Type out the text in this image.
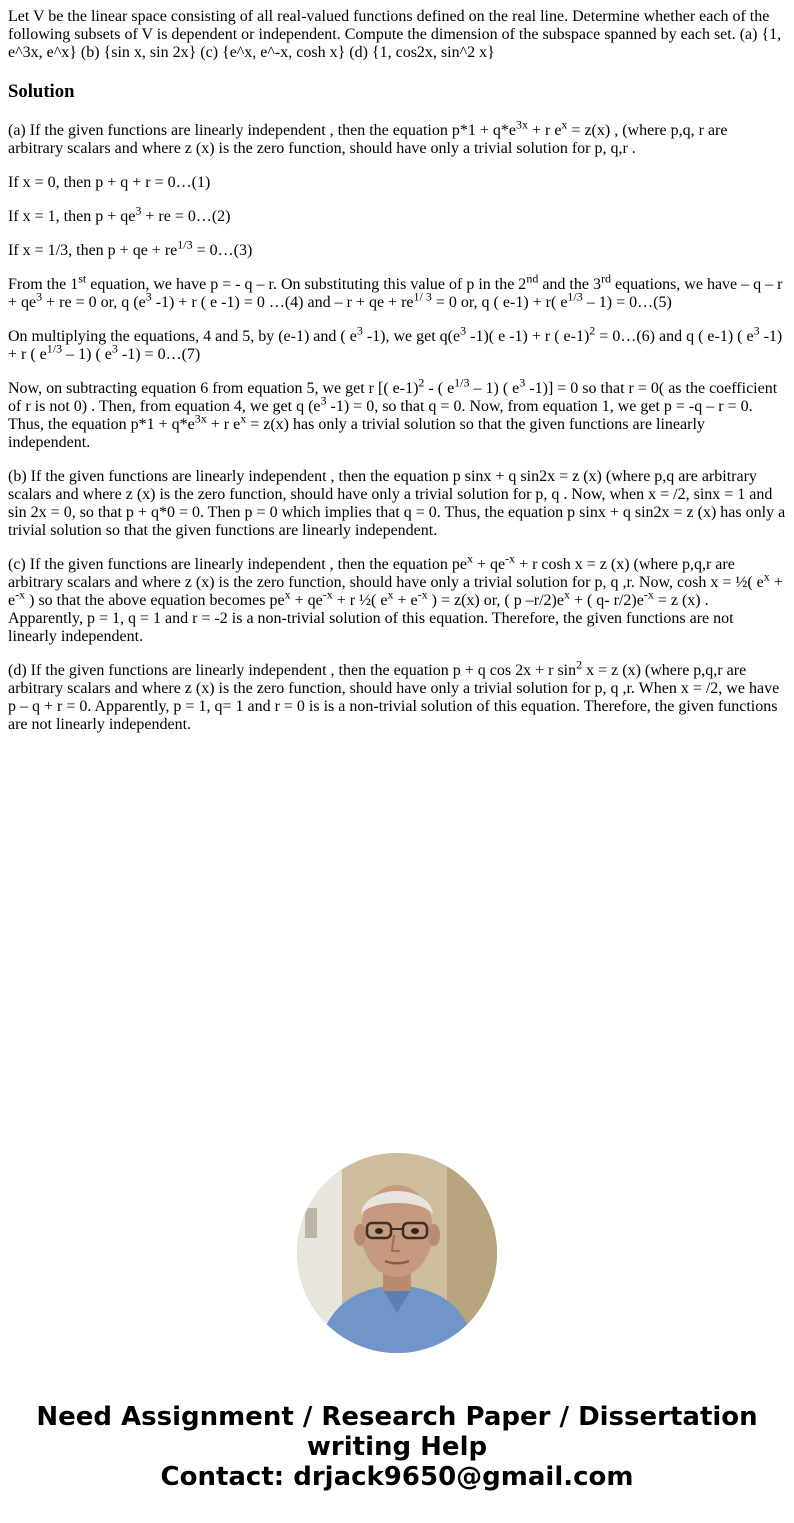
Let V be the linear space consisting of all real-valued functions defined on the real line. Determine whether each of the following subsets of V is dependent or independent. Compute the dimension of the subspace spanned by each set. (a) {1, e^3x, e^x} (b) {sin x, sin 2x} (c) {e^x, e^-x, cosh x} (d) {1, cos2x, sin^2 x}

Solution

(a) If the given functions are linearly independent , then the equation $p*1 + q*e^{3x} + r$ $e^x = z(x)$ , (where p,q, r are arbitrary scalars and where z (x) is the zero function, should have only a trivial solution for p, q,r .

If x = 0, then p + q + r = 0…(1)

If x = 1, then $p + qe^3$ + re = 0…(2)

If x = 1/3, then p + qe + $re^{1/3}$ = 0…(3)

From the 1st equation, we have p = - q – r. On substituting this value of p in the 2nd and the 3rd equations, we have – $q - r + qe^3$ + re = 0 or, q ($e^3$ -1) + r ( e -1) = 0 …(4) and – r + qe + $re^{1/ 3} = 0$ or, q ( e-1) + r( $e^{1/3} - 1$) = 0…(5)

On multiplying the equations, 4 and 5, by (e-1) and ( $e^3$ -1), we get $q(e^3$ -1)( e -1) + r ( e-1)$^2$ = 0…(6) and q ( e-1) ( $e^3$ -1) + r ( $e^{1/3} - 1$) ( $e^3$ -1) = 0…(7)

Now, on subtracting equation 6 from equation 5, we get r [( e-1)$^2$ - ( $e^{1/3} - 1$) ( $e^3$ -1)] = 0 so that r = 0( as the coefficient of r is not 0) . Then, from equation 4, we get q ($e^3$ -1) = 0, so that q = 0. Now, from equation 1, we get p = -q – r = 0. Thus, the equation $p*1 + q*e^{3x} + r$ $e^x = z(x)$ has only a trivial solution so that the given functions are linearly independent.

(b) If the given functions are linearly independent , then the equation p sinx + q sin2x = z (x) (where p,q are arbitrary scalars and where z (x) is the zero function, should have only a trivial solution for p, q . Now, when x = /2, sinx = 1 and sin 2x = 0, so that p + q*0 = 0. Then p = 0 which implies that q = 0. Thus, the equation p sinx + q sin2x = z (x) has only a trivial solution so that the given functions are linearly independent.

(c) If the given functions are linearly independent , then the equation $pe^x + qe^{-x} + r$ cosh x = z (x) (where p,q,r are arbitrary scalars and where z (x) is the zero function, should have only a trivial solution for p, q ,r. Now, cosh x = ½( $e^x + e^{-x}$ ) so that the above equation becomes $pe^x + qe^{-x} + r$ ½( $e^x + e^{-x}$ ) = z(x) or, ( p $-r/2)e^x$ + ( q- $r/2)e^{-x} = z$ (x) . Apparently, p = 1, q = 1 and r = -2 is a non-trivial solution of this equation. Therefore, the given functions are not linearly independent.

(d) If the given functions are linearly independent , then the equation p + q cos 2x + r $\sin^2 x = z$ (x) (where p,q,r are arbitrary scalars and where z (x) is the zero function, should have only a trivial solution for p, q ,r. When x = /2, we have p – q + r = 0. Apparently, p = 1, q= 1 and r = 0 is is a non-trivial solution of this equation. Therefore, the given functions are not linearly independent.

Need Assignment / Research Paper / Dissertation
writing Help
Contact: drjack9650@gmail.com
